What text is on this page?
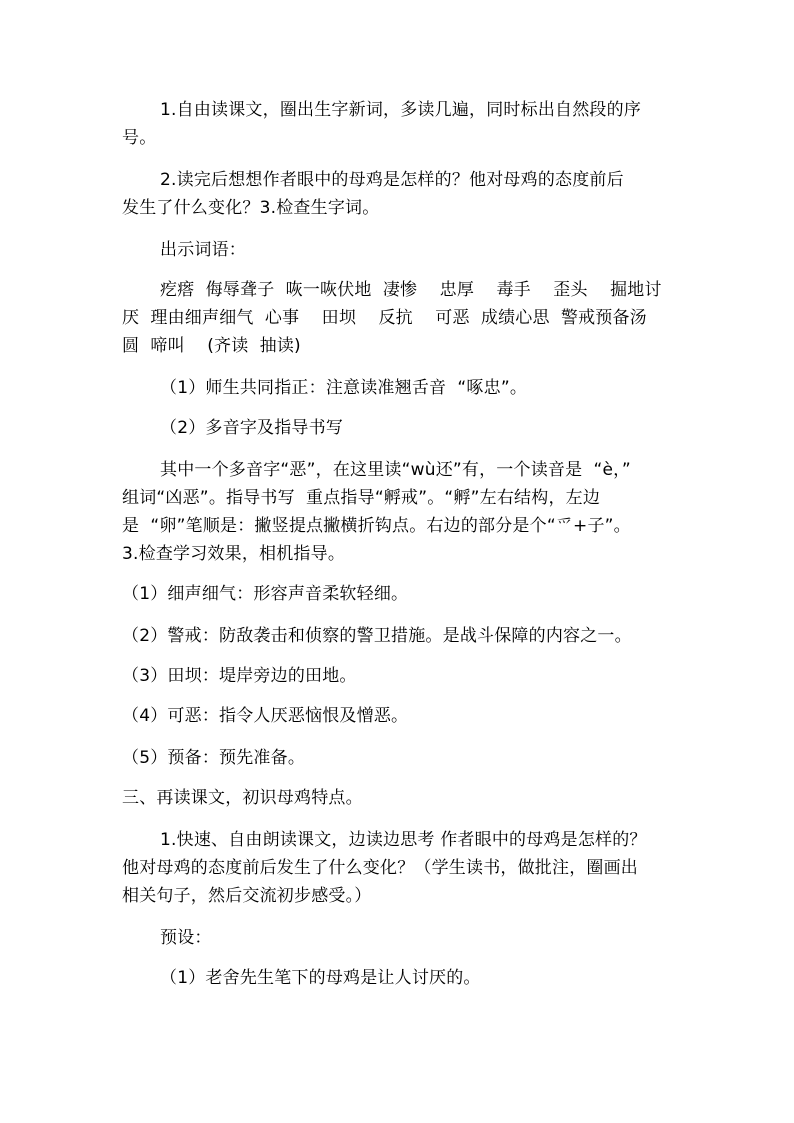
1.自由读课文，圈出生字新词，多读几遍，同时标出自然段的序
号。
2.读完后想想作者眼中的母鸡是怎样的？他对母鸡的态度前后
发生了什么变化？3.检查生字词。
出示词语：
疙瘩  侮辱聋子  咴一咴伏地  凄惨    忠厚    毒手    歪头    掘地讨
厌  理由细声细气  心事    田坝    反抗    可恶  成绩心思  警戒预备汤
圆  啼叫    (齐读  抽读)
（1）师生共同指正：注意读准翘舌音  “啄忠”。
（2）多音字及指导书写
其中一个多音字“恶”，在这里读“wù还”有，一个读音是  “è，”
组词“凶恶”。指导书写  重点指导“孵戒”。“孵”左右结构，左边
是  “卵”笔顺是：撇竖提点撇横折钩点。右边的部分是个“爫+子”。
3.检查学习效果，相机指导。
（1）细声细气：形容声音柔软轻细。
（2）警戒：防敌袭击和侦察的警卫措施。是战斗保障的内容之一。
（3）田坝：堤岸旁边的田地。
（4）可恶：指令人厌恶恼恨及憎恶。
（5）预备：预先准备。
三、再读课文，初识母鸡特点。
1.快速、自由朗读课文，边读边思考 作者眼中的母鸡是怎样的？
他对母鸡的态度前后发生了什么变化？（学生读书，做批注，圈画出
相关句子，然后交流初步感受。）
预设：
（1）老舍先生笔下的母鸡是让人讨厌的。
